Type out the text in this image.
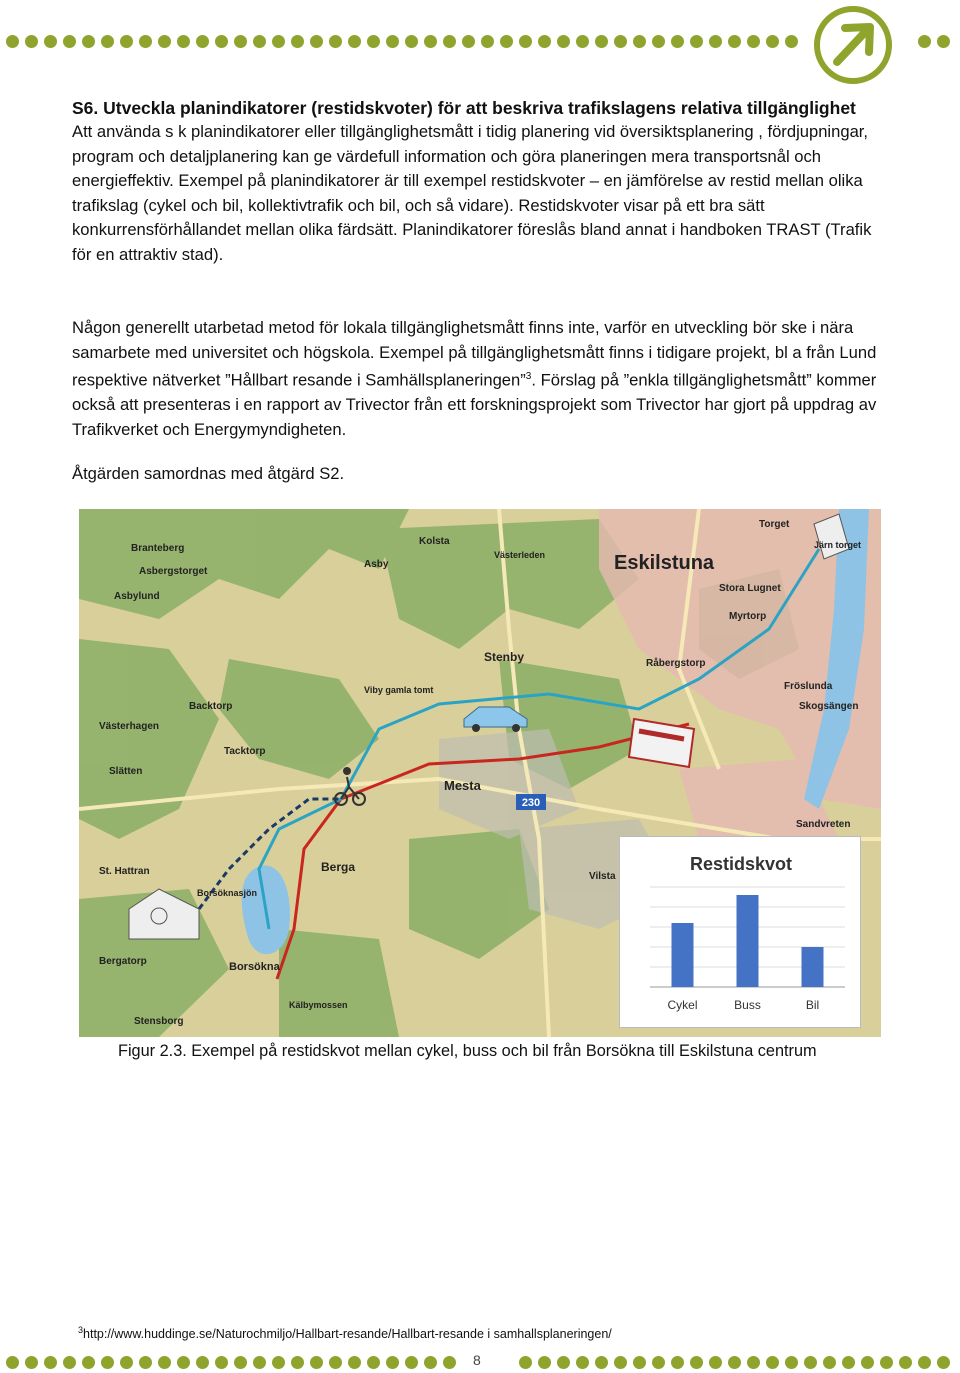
S6. Utveckla planindikatorer (restidskvoter) för att beskriva trafikslagens relativa tillgänglighet

Att använda s k planindikatorer eller tillgänglighetsmått i tidig planering vid översiktsplanering , fördjupningar, program och detaljplanering kan ge värdefull information och göra planeringen mera transportsnål och energieffektiv. Exempel på planindikatorer är till exempel restidskvoter – en jämförelse av restid mellan olika trafikslag (cykel och bil, kollektivtrafik och bil, och så vidare). Restidskvoter visar på ett bra sätt konkurrensförhållandet mellan olika färdsätt. Planindikatorer föreslås bland annat i handboken TRAST (Trafik för en attraktiv stad).

Någon generellt utarbetad metod för lokala tillgänglighetsmått finns inte, varför en utveckling bör ske i nära samarbete med universitet och högskola. Exempel på tillgänglighetsmått finns i tidigare projekt, bl a från Lund respektive nätverket ”Hållbart resande i Samhällsplaneringen”$^3$. Förslag på ”enkla tillgänglighetsmått” kommer också att presenteras i en rapport av Trivector från ett forskningsprojekt som Trivector har gjort på uppdrag av Trafikverket och Energymyndigheten.

Åtgärden samordnas med åtgärd S2.

230
Eskilstuna
Torget
Järn torget
Branteberg
Asbergstorget
Asbylund
Asby
Kolsta
Stora Lugnet
Myrtorp
Västerleden
Stenby	Råbergstorp
Skogsängen
Fröslunda
Backtorp
Viby gamla tomt
Västerhagen
Tacktorp
Slätten
Mesta
Sandvreten
Berga
Vilsta
St. Hattran
Borsöknasjön
Bergatorp	Borsökna
Kälbymossen
Stensborg
Restidskvot
Cykel	Buss	Bil
Figur 2.3. Exempel på restidskvot mellan cykel, buss och bil från Borsökna till Eskilstuna centrum
$^3$http://www.huddinge.se/Naturochmiljo/Hallbart-resande/Hallbart-resande i samhallsplaneringen/
8
